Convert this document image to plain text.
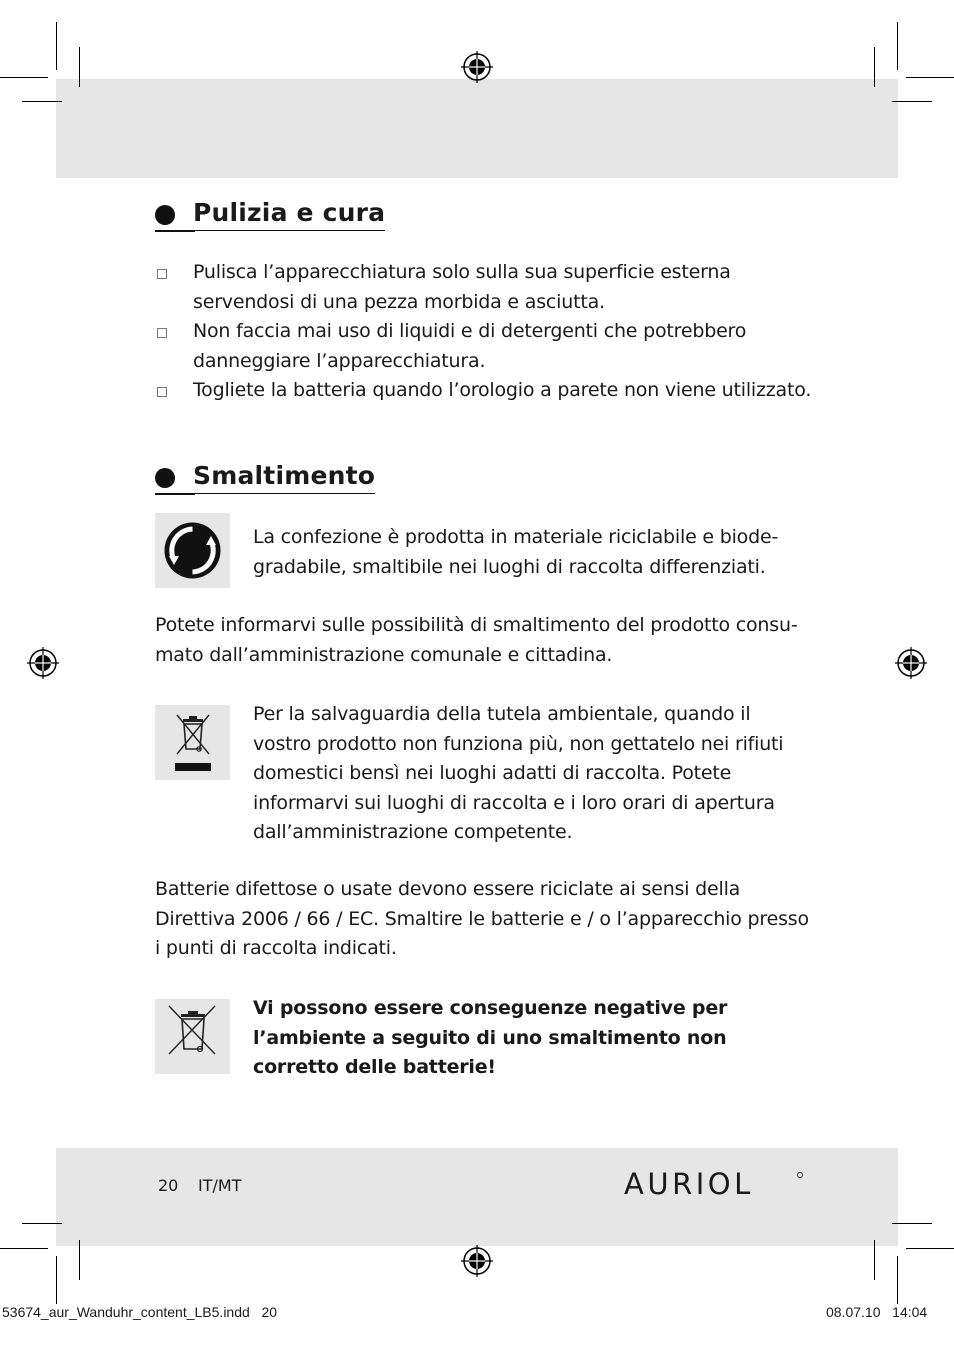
Pulizia e cura
Pulisca l’apparecchiatura solo sulla sua superficie esterna servendosi di una pezza morbida e asciutta.
Non faccia mai uso di liquidi e di detergenti che potrebbero danneggiare l’apparecchiatura.
Togliete la batteria quando l’orologio a parete non viene utilizzato.
Smaltimento

La confezione è prodotta in materiale riciclabile e biode-gradabile, smaltibile nei luoghi di raccolta differenziati.

Potete informarvi sulle possibilità di smaltimento del prodotto consu-mato dall’amministrazione comunale e cittadina.

Per la salvaguardia della tutela ambientale, quando il vostro prodotto non funziona più, non gettatelo nei rifiuti domestici bensì nei luoghi adatti di raccolta. Potete informarvi sui luoghi di raccolta e i loro orari di apertura dall’amministrazione competente.

Batterie difettose o usate devono essere riciclate ai sensi della Direttiva 2006 / 66 / EC. Smaltire le batterie e / o l’apparecchio presso i punti di raccolta indicati.

Vi possono essere conseguenze negative per l’ambiente a seguito di uno smaltimento non corretto delle batterie!

20 IT/MT	AURIOL
53674_aur_Wanduhr_content_LB5.indd   20	08.07.10   14:04
